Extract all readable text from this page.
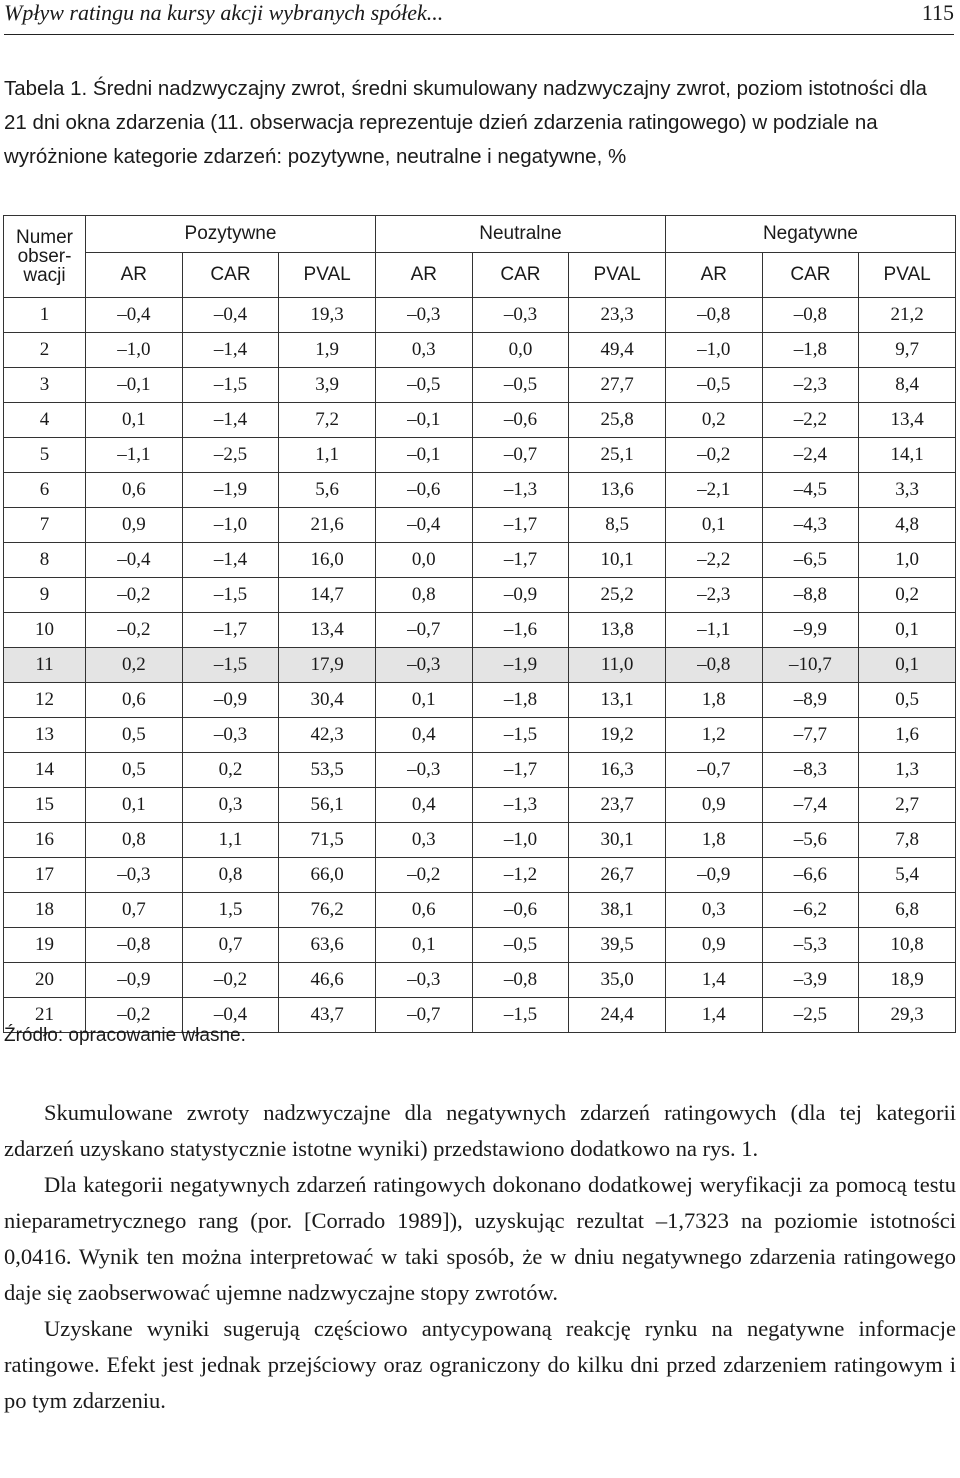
Wpływ ratingu na kursy akcji wybranych spółek...	115
Tabela 1. Średni nadzwyczajny zwrot, średni skumulowany nadzwyczajny zwrot, poziom istotności dla 21 dni okna zdarzenia (11. obserwacja reprezentuje dzień zdarzenia ratingowego) w podziale na wyróżnione kategorie zdarzeń: pozytywne, neutralne i negatywne, %
Numer obser-wacji	Pozytywne			Neutralne			Negatywne		
	AR	CAR	PVAL	AR	CAR	PVAL	AR	CAR	PVAL
1	–0,4	–0,4	19,3	–0,3	–0,3	23,3	–0,8	–0,8	21,2
2	–1,0	–1,4	1,9	0,3	0,0	49,4	–1,0	–1,8	9,7
3	–0,1	–1,5	3,9	–0,5	–0,5	27,7	–0,5	–2,3	8,4
4	0,1	–1,4	7,2	–0,1	–0,6	25,8	0,2	–2,2	13,4
5	–1,1	–2,5	1,1	–0,1	–0,7	25,1	–0,2	–2,4	14,1
6	0,6	–1,9	5,6	–0,6	–1,3	13,6	–2,1	–4,5	3,3
7	0,9	–1,0	21,6	–0,4	–1,7	8,5	0,1	–4,3	4,8
8	–0,4	–1,4	16,0	0,0	–1,7	10,1	–2,2	–6,5	1,0
9	–0,2	–1,5	14,7	0,8	–0,9	25,2	–2,3	–8,8	0,2
10	–0,2	–1,7	13,4	–0,7	–1,6	13,8	–1,1	–9,9	0,1
11	0,2	–1,5	17,9	–0,3	–1,9	11,0	–0,8	–10,7	0,1
12	0,6	–0,9	30,4	0,1	–1,8	13,1	1,8	–8,9	0,5
13	0,5	–0,3	42,3	0,4	–1,5	19,2	1,2	–7,7	1,6
14	0,5	0,2	53,5	–0,3	–1,7	16,3	–0,7	–8,3	1,3
15	0,1	0,3	56,1	0,4	–1,3	23,7	0,9	–7,4	2,7
16	0,8	1,1	71,5	0,3	–1,0	30,1	1,8	–5,6	7,8
17	–0,3	0,8	66,0	–0,2	–1,2	26,7	–0,9	–6,6	5,4
18	0,7	1,5	76,2	0,6	–0,6	38,1	0,3	–6,2	6,8
19	–0,8	0,7	63,6	0,1	–0,5	39,5	0,9	–5,3	10,8
20	–0,9	–0,2	46,6	–0,3	–0,8	35,0	1,4	–3,9	18,9
21	–0,2	–0,4	43,7	–0,7	–1,5	24,4	1,4	–2,5	29,3
Źródło: opracowanie własne.

Skumulowane zwroty nadzwyczajne dla negatywnych zdarzeń ratingowych (dla tej kategorii zdarzeń uzyskano statystycznie istotne wyniki) przedstawiono dodatkowo na rys. 1.

Dla kategorii negatywnych zdarzeń ratingowych dokonano dodatkowej weryfikacji za pomocą testu nieparametrycznego rang (por. [Corrado 1989]), uzyskując rezultat –1,7323 na poziomie istotności 0,0416. Wynik ten można interpretować w taki sposób, że w dniu negatywnego zdarzenia ratingowego daje się zaobserwować ujemne nadzwyczajne stopy zwrotów.

Uzyskane wyniki sugerują częściowo antycypowaną reakcję rynku na negatywne informacje ratingowe. Efekt jest jednak przejściowy oraz ograniczony do kilku dni przed zdarzeniem ratingowym i po tym zdarzeniu.
